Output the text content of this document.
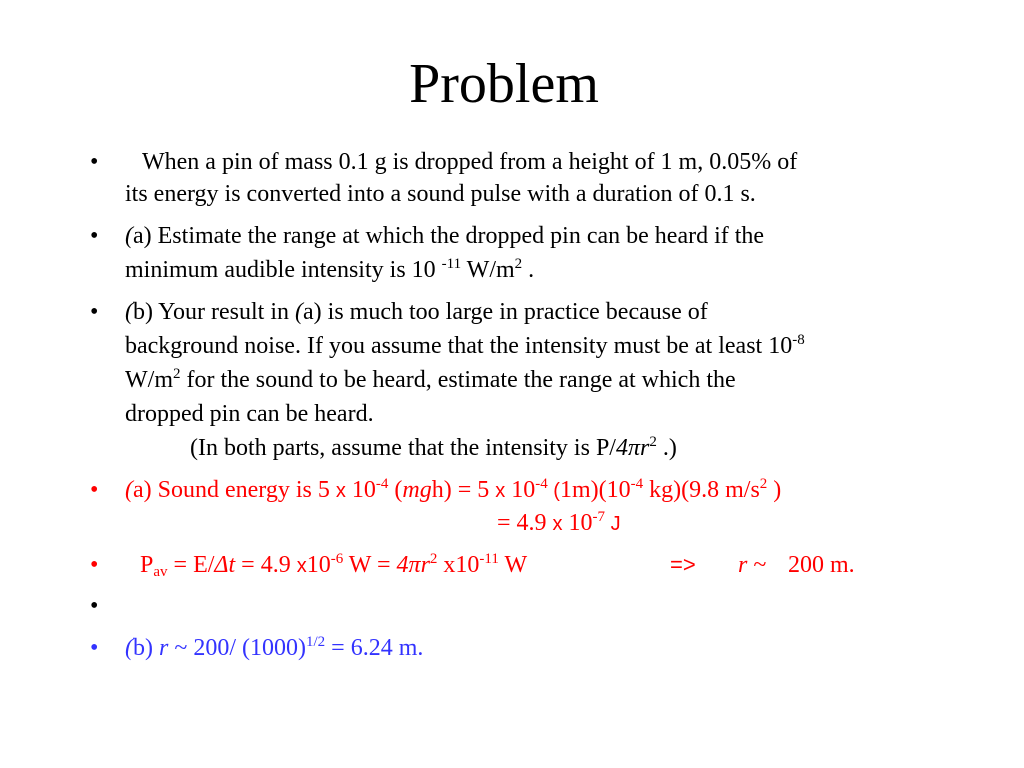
Problem
• When a pin of mass 0.1 g is dropped from a height of 1 m, 0.05% of
its energy is converted into a sound pulse with a duration of 0.1 s.
• (a) Estimate the range at which the dropped pin can be heard if the
minimum audible intensity is 10 $^{-11}$ $W/m^2$ .
• (b) Your result in (a) is much too large in practice because of
background noise. If you assume that the intensity must be at least $10^{-8}$
$W/m^2$ for the sound to be heard, estimate the range at which the
dropped pin can be heard.
(In both parts, assume that the intensity is $P/4\pi r^2$ .)
• (a) Sound energy is 5 x $10^{-4}$ (mgh) = 5 x $10^{-4}$ $(1m)(10^{-4}$ kg)(9.8 $m/s^2$ )
= 4.9 x $10^{-7}$ J
• $P_{av} = E/\Delta t = 4.9$ $x10^{-6}$ $W = 4\pi r^2$ $x10^{-11}$ W	=> r ~ 200 m.
•
• (b) r ~ 200/ $(1000)^{1/2} = 6.24$ m.
